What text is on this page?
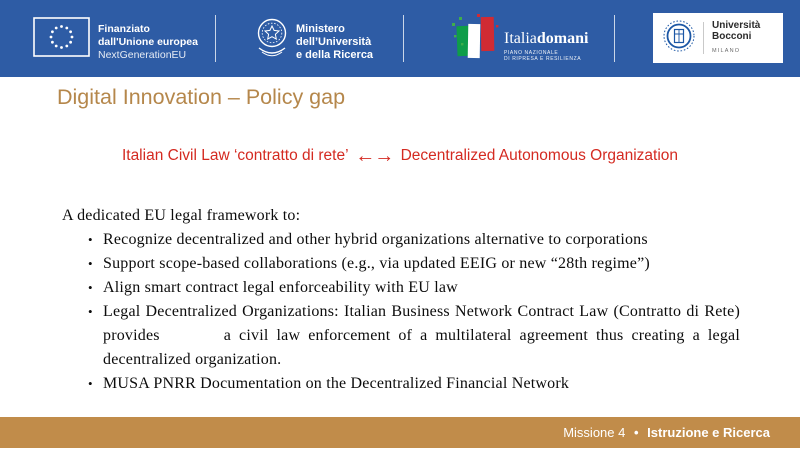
Finanziato
dall'Unione europea
NextGenerationEU
Ministero
dell’Università
e della Ricerca
Italiadomani
PIANO NAZIONALE
DI RIPRESA E RESILIENZA
Università
Bocconi
MILANO
Digital Innovation – Policy gap
Italian Civil Law ‘contratto di rete’ ←→ Decentralized Autonomous Organization

A dedicated EU legal framework to:

• Recognize decentralized and other hybrid organizations alternative to corporations
• Support scope-based collaborations (e.g., via updated EEIG or new “28th regime”)
• Align smart contract legal enforceability with EU law
• Legal Decentralized Organizations: Italian Business Network Contract Law (Contratto di Rete) provides        a civil law enforcement of a multilateral agreement thus creating a legal decentralized organization.
• MUSA PNRR Documentation on the Decentralized Financial Network
Missione 4 • Istruzione e Ricerca
